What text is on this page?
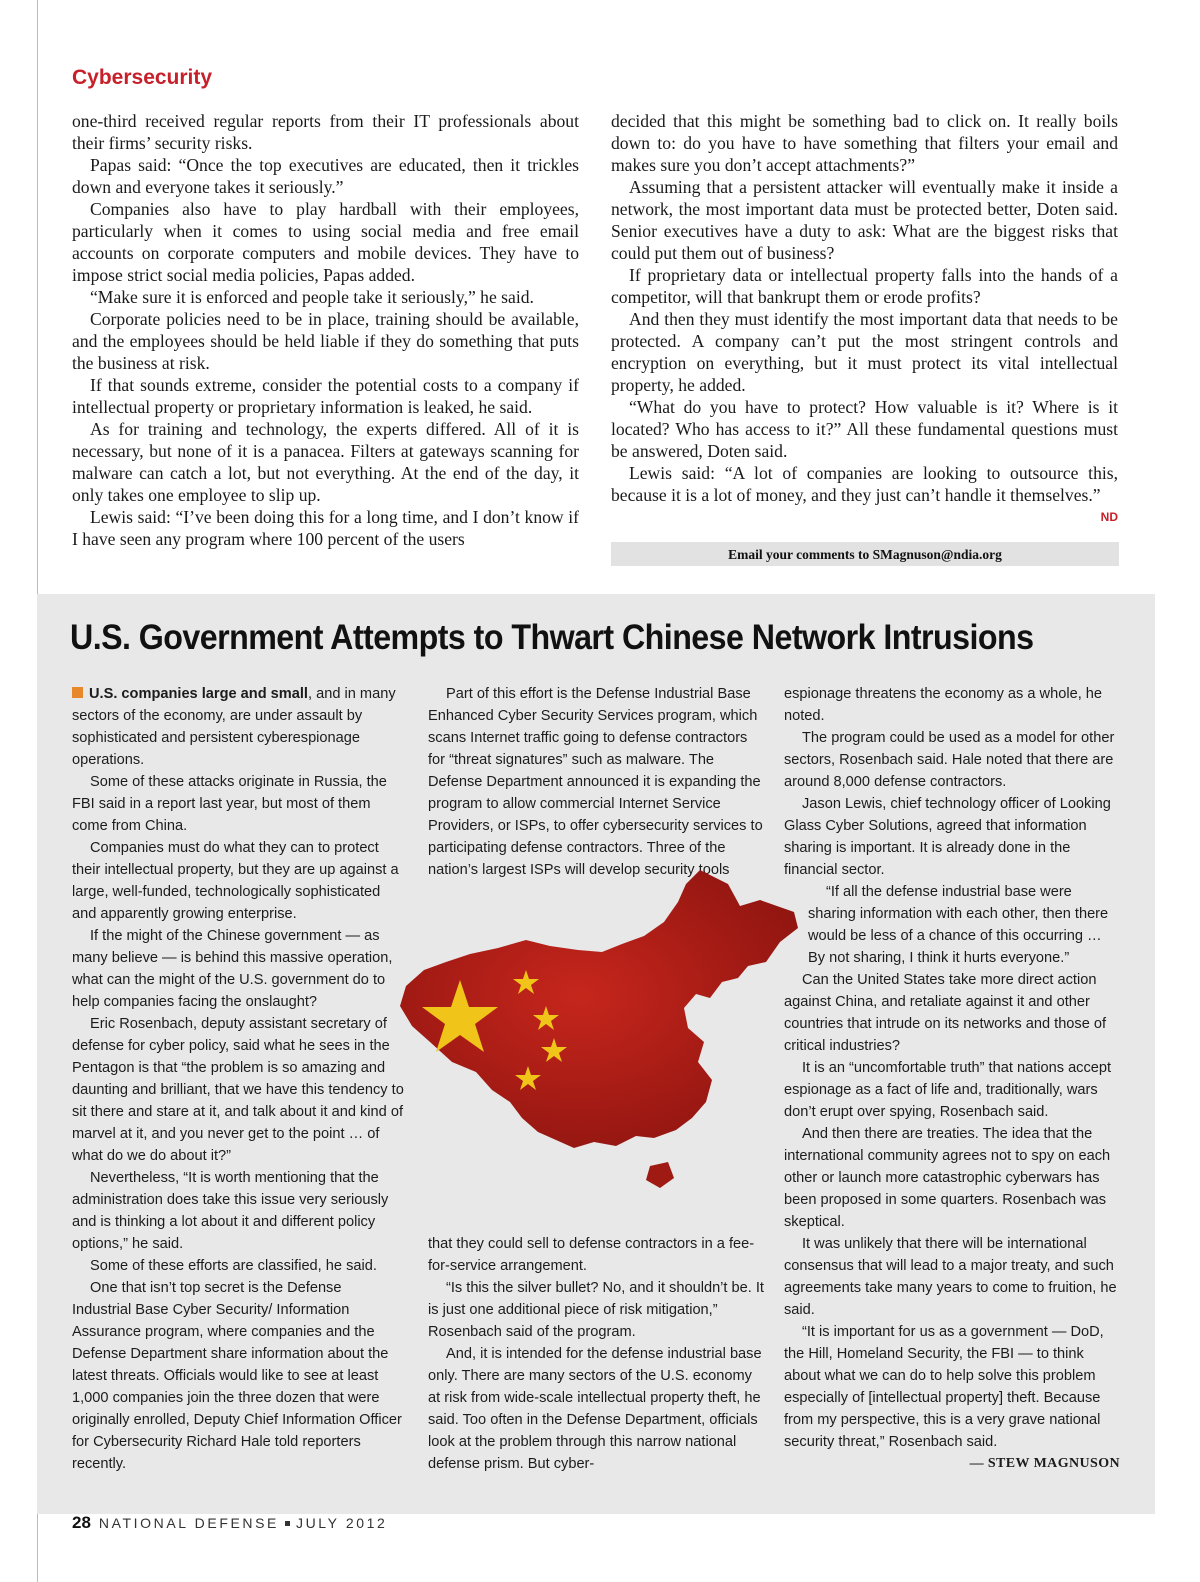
Cybersecurity

one-third received regular reports from their IT professionals about their firms’ security risks.

Papas said: “Once the top executives are educated, then it trickles down and everyone takes it seriously.”

Companies also have to play hardball with their employees, particularly when it comes to using social media and free email accounts on corporate computers and mobile devices. They have to impose strict social media policies, Papas added.

“Make sure it is enforced and people take it seriously,” he said.

Corporate policies need to be in place, training should be available, and the employees should be held liable if they do something that puts the business at risk.

If that sounds extreme, consider the potential costs to a company if intellectual property or proprietary information is leaked, he said.

As for training and technology, the experts differed. All of it is necessary, but none of it is a panacea. Filters at gateways scanning for malware can catch a lot, but not everything. At the end of the day, it only takes one employee to slip up.

Lewis said: “I’ve been doing this for a long time, and I don’t know if I have seen any program where 100 percent of the users

decided that this might be something bad to click on. It really boils down to: do you have to have something that filters your email and makes sure you don’t accept attachments?”

Assuming that a persistent attacker will eventually make it inside a network, the most important data must be protected better, Doten said. Senior executives have a duty to ask: What are the biggest risks that could put them out of business?

If proprietary data or intellectual property falls into the hands of a competitor, will that bankrupt them or erode profits?

And then they must identify the most important data that needs to be protected. A company can’t put the most stringent controls and encryption on everything, but it must protect its vital intellectual property, he added.

“What do you have to protect? How valuable is it? Where is it located? Who has access to it?” All these fundamental questions must be answered, Doten said.

Lewis said: “A lot of companies are looking to outsource this, because it is a lot of money, and they just can’t handle it themselves.”

ND
Email your comments to SMagnuson@ndia.org
U.S. Government Attempts to Thwart Chinese Network Intrusions

U.S. companies large and small, and in many sectors of the economy, are under assault by sophisticated and persistent cyberespionage operations.

Some of these attacks originate in Russia, the FBI said in a report last year, but most of them come from China.

Companies must do what they can to protect their intellectual property, but they are up against a large, well-funded, technologically sophisticated and apparently growing enterprise.

If the might of the Chinese government — as many believe — is behind this massive operation, what can the might of the U.S. government do to help companies facing the onslaught?

Eric Rosenbach, deputy assistant secretary of defense for cyber policy, said what he sees in the Pentagon is that “the problem is so amazing and daunting and brilliant, that we have this tendency to sit there and stare at it, and talk about it and kind of marvel at it, and you never get to the point … of what do we do about it?”

Nevertheless, “It is worth mentioning that the administration does take this issue very seriously and is thinking a lot about it and different policy options,” he said.

Some of these efforts are classified, he said.

One that isn’t top secret is the Defense Industrial Base Cyber Security/ Information Assurance program, where companies and the Defense Department share information about the latest threats. Officials would like to see at least 1,000 companies join the three dozen that were originally enrolled, Deputy Chief Information Officer for Cybersecurity Richard Hale told reporters recently.

Part of this effort is the Defense Industrial Base Enhanced Cyber Security Services program, which scans Internet traffic going to defense contractors for “threat signatures” such as malware. The Defense Department announced it is expanding the program to allow commercial Internet Service Providers, or ISPs, to offer cybersecurity services to participating defense contractors. Three of the nation’s largest ISPs will develop security tools

that they could sell to defense contractors in a fee-for-service arrangement.

“Is this the silver bullet? No, and it shouldn’t be. It is just one additional piece of risk mitigation,” Rosenbach said of the program.

And, it is intended for the defense industrial base only. There are many sectors of the U.S. economy at risk from wide-scale intellectual property theft, he said. Too often in the Defense Department, officials look at the problem through this narrow national defense prism. But cyber-

espionage threatens the economy as a whole, he noted.

The program could be used as a model for other sectors, Rosenbach said. Hale noted that there are around 8,000 defense contractors.

Jason Lewis, chief technology officer of Looking Glass Cyber Solutions, agreed that information sharing is important. It is already done in the financial sector.

“If all the defense industrial base were sharing information with each other, then there would be less of a chance of this occurring … By not sharing, I think it hurts everyone.”

Can the United States take more direct action against China, and retaliate against it and other countries that intrude on its networks and those of critical industries?

It is an “uncomfortable truth” that nations accept espionage as a fact of life and, traditionally, wars don’t erupt over spying, Rosenbach said.

And then there are treaties. The idea that the international community agrees not to spy on each other or launch more catastrophic cyberwars has been proposed in some quarters. Rosenbach was skeptical.

It was unlikely that there will be international consensus that will lead to a major treaty, and such agreements take many years to come to fruition, he said.

“It is important for us as a government — DoD, the Hill, Homeland Security, the FBI — to think about what we can do to help solve this problem especially of [intellectual property] theft. Because from my perspective, this is a very grave national security threat,” Rosenbach said.

— STEW MAGNUSON
28 NATIONAL DEFENSE JULY 2012
